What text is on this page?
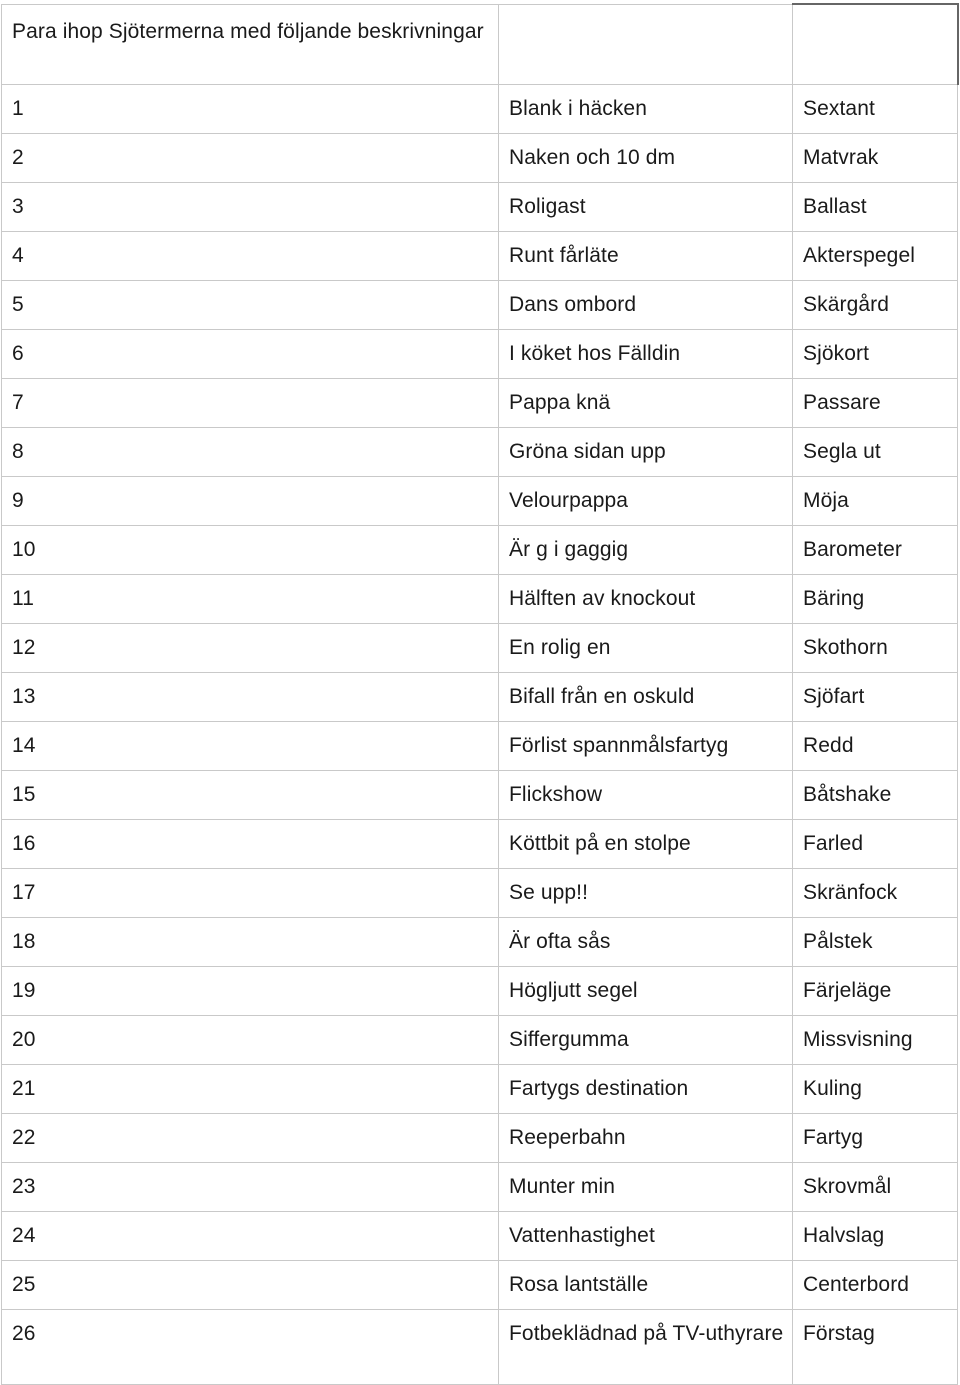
Para ihop Sjötermerna med följande beskrivningar		
1	Blank i häcken	Sextant
2	Naken och 10 dm	Matvrak
3	Roligast	Ballast
4	Runt fårläte	Akterspegel
5	Dans ombord	Skärgård
6	I köket hos Fälldin	Sjökort
7	Pappa knä	Passare
8	Gröna sidan upp	Segla ut
9	Velourpappa	Möja
10	Är g i gaggig	Barometer
11	Hälften av knockout	Bäring
12	En rolig en	Skothorn
13	Bifall från en oskuld	Sjöfart
14	Förlist spannmålsfartyg	Redd
15	Flickshow	Båtshake
16	Köttbit på en stolpe	Farled
17	Se upp!!	Skränfock
18	Är ofta sås	Pålstek
19	Högljutt segel	Färjeläge
20	Siffergumma	Missvisning
21	Fartygs destination	Kuling
22	Reeperbahn	Fartyg
23	Munter min	Skrovmål
24	Vattenhastighet	Halvslag
25	Rosa lantställe	Centerbord
26	Fotbeklädnad på TV-uthyrare	Förstag
